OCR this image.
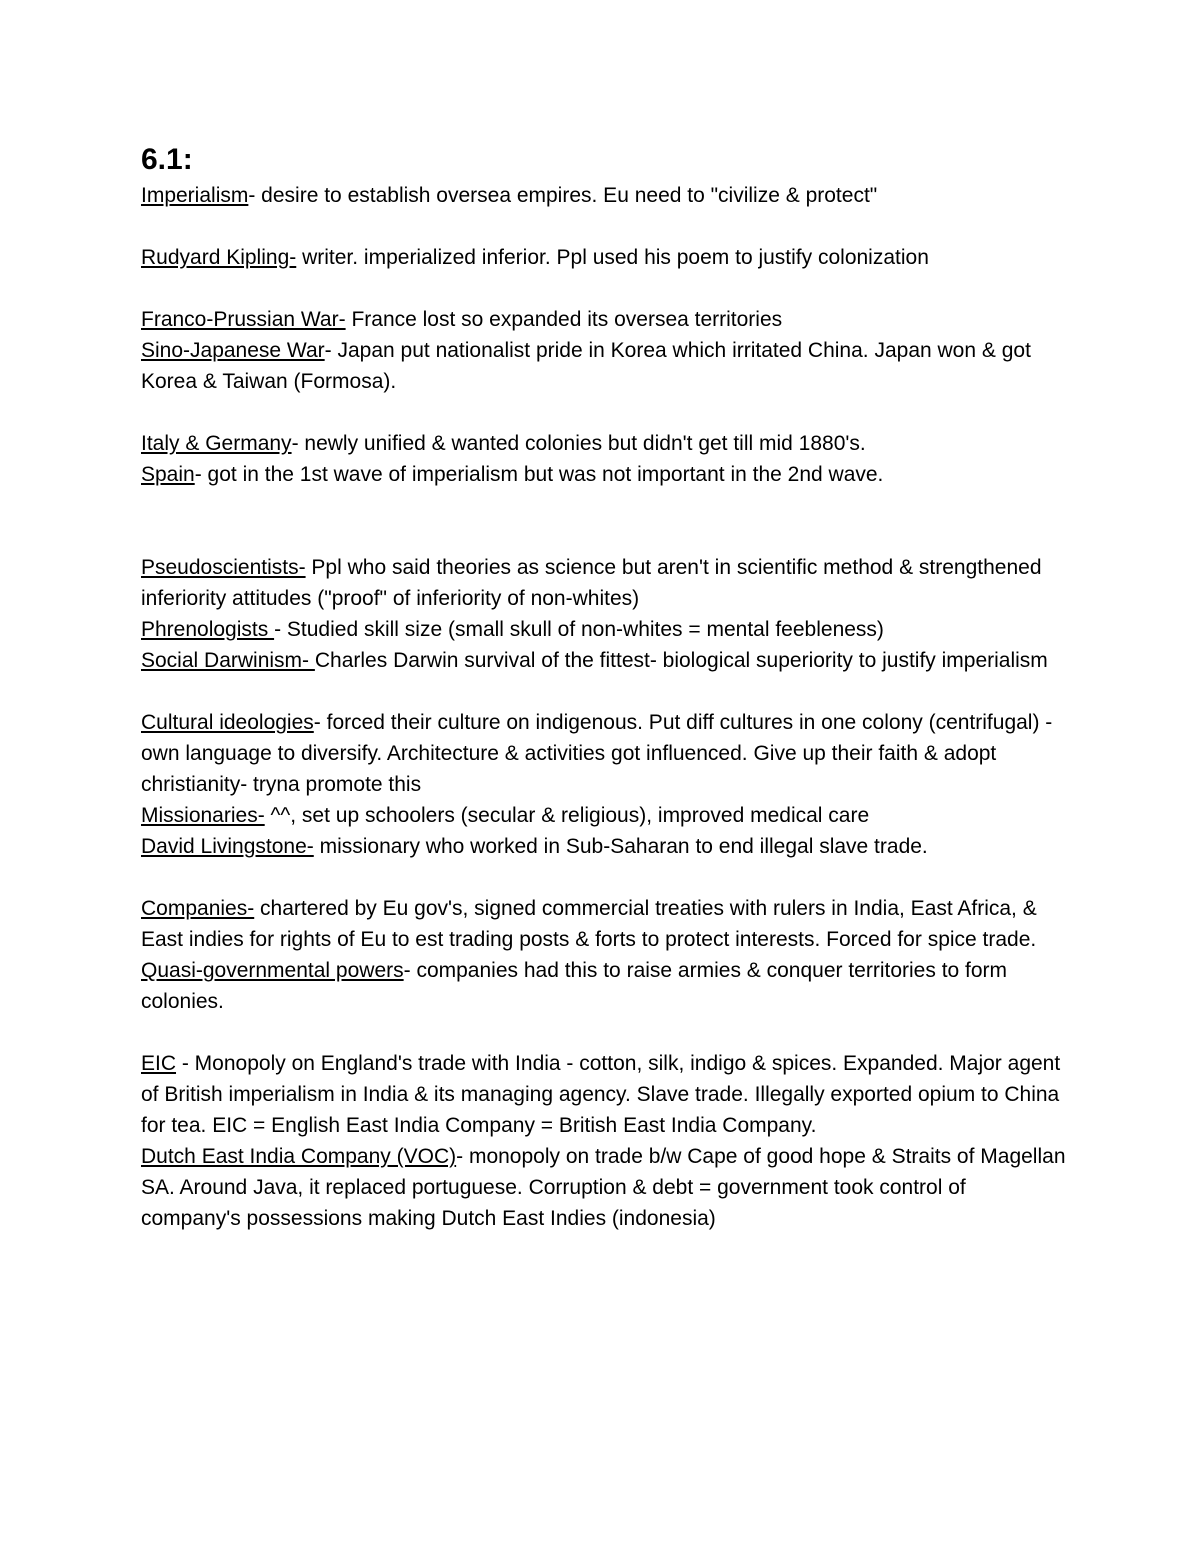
6.1:

Imperialism- desire to establish oversea empires. Eu need to "civilize & protect"

Rudyard Kipling- writer. imperialized inferior. Ppl used his poem to justify colonization

Franco-Prussian War- France lost so expanded its oversea territories

Sino-Japanese War- Japan put nationalist pride in Korea which irritated China. Japan won & got Korea & Taiwan (Formosa).

Italy & Germany- newly unified & wanted colonies but didn't get till mid 1880's.

Spain- got in the 1st wave of imperialism but was not important in the 2nd wave.

Pseudoscientists- Ppl who said theories as science but aren't in scientific method & strengthened inferiority attitudes ("proof" of inferiority of non-whites)

Phrenologists - Studied skill size (small skull of non-whites = mental feebleness)

Social Darwinism- Charles Darwin survival of the fittest- biological superiority to justify imperialism

Cultural ideologies- forced their culture on indigenous. Put diff cultures in one colony (centrifugal) - own language to diversify. Architecture & activities got influenced. Give up their faith & adopt christianity- tryna promote this

Missionaries- ^^, set up schoolers (secular & religious), improved medical care

David Livingstone- missionary who worked in Sub-Saharan to end illegal slave trade.

Companies- chartered by Eu gov's, signed commercial treaties with rulers in India, East Africa, & East indies for rights of Eu to est trading posts & forts to protect interests. Forced for spice trade.

Quasi-governmental powers- companies had this to raise armies & conquer territories to form colonies.

EIC - Monopoly on England's trade with India - cotton, silk, indigo & spices. Expanded. Major agent of British imperialism in India & its managing agency. Slave trade. Illegally exported opium to China for tea. EIC = English East India Company = British East India Company.

Dutch East India Company (VOC)- monopoly on trade b/w Cape of good hope & Straits of Magellan SA. Around Java, it replaced portuguese. Corruption & debt = government took control of company's possessions making Dutch East Indies (indonesia)
